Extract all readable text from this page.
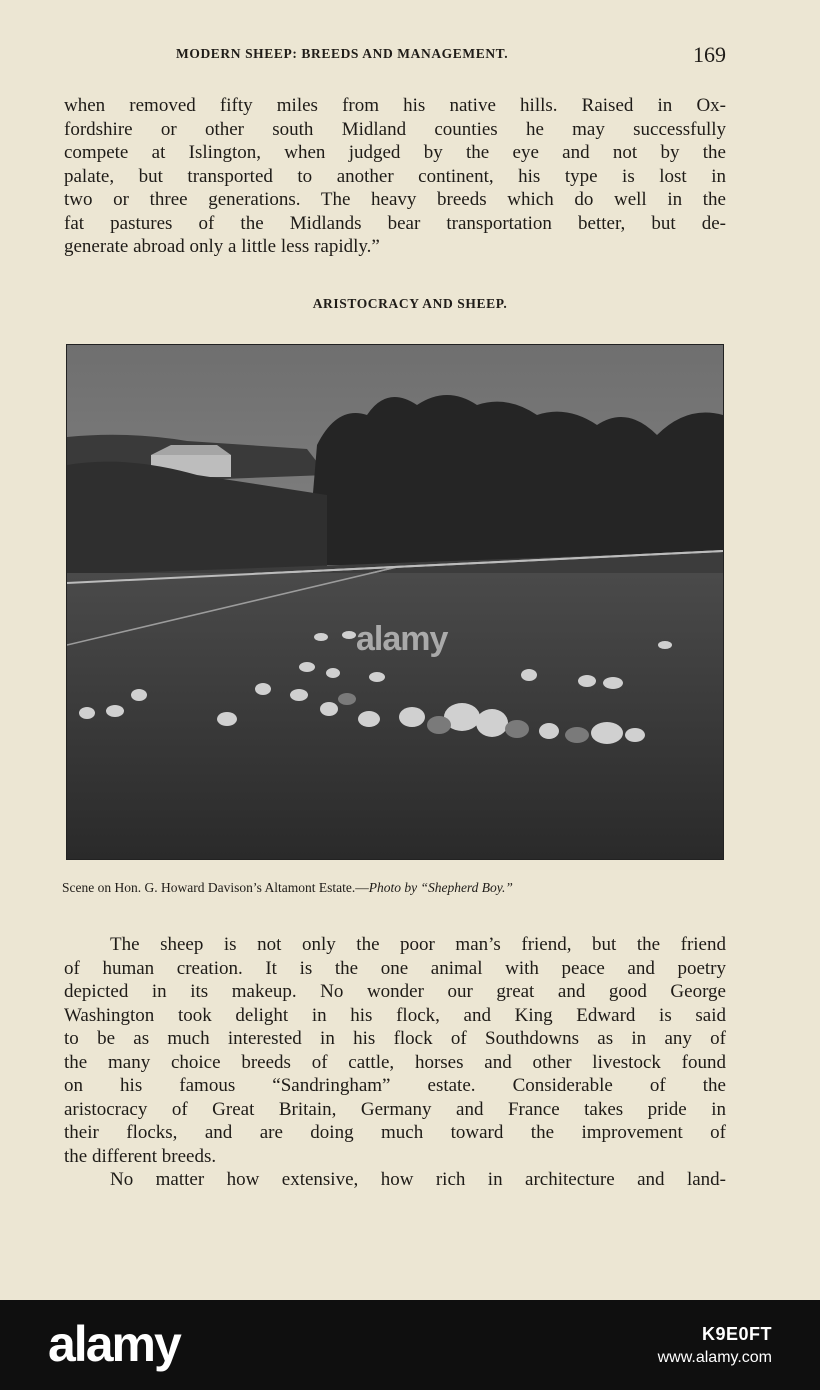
MODERN SHEEP: BREEDS AND MANAGEMENT.	169
when removed fifty miles from his native hills. Raised in Ox-
fordshire or other south Midland counties he may successfully
compete at Islington, when judged by the eye and not by the
palate, but transported to another continent, his type is lost in
two or three generations. The heavy breeds which do well in the
fat pastures of the Midlands bear transportation better, but de-
generate abroad only a little less rapidly.”
ARISTOCRACY AND SHEEP.
alamy
Scene on Hon. G. Howard Davison’s Altamont Estate.—Photo by “Shepherd Boy.”
The sheep is not only the poor man’s friend, but the friend
of human creation. It is the one animal with peace and poetry
depicted in its makeup. No wonder our great and good George
Washington took delight in his flock, and King Edward is said
to be as much interested in his flock of Southdowns as in any of
the many choice breeds of cattle, horses and other livestock found
on his famous “Sandringham” estate. Considerable of the
aristocracy of Great Britain, Germany and France takes pride in
their flocks, and are doing much toward the improvement of
the different breeds.
No matter how extensive, how rich in architecture and land-
alamy	K9E0FT
www.alamy.com
